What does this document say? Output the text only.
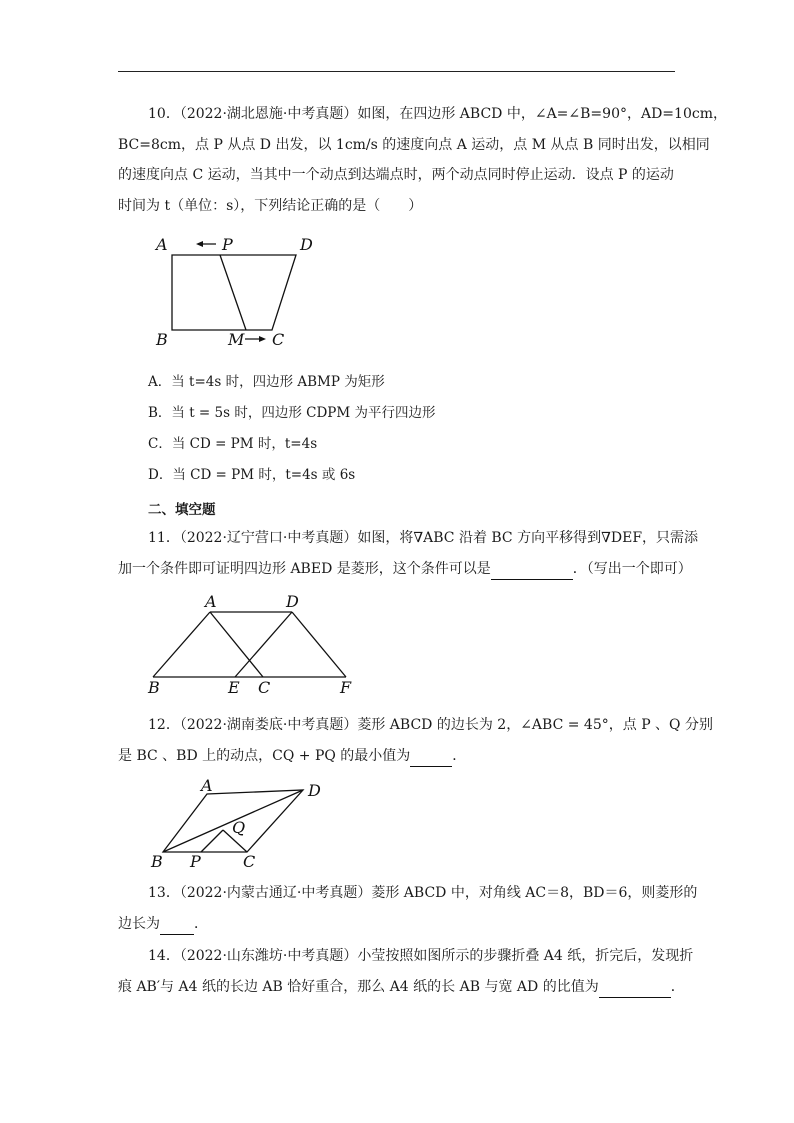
10．（2022·湖北恩施·中考真题）如图，在四边形 ABCD 中，∠A=∠B=90°，AD=10cm，
BC=8cm，点 P 从点 D 出发，以 1cm/s 的速度向点 A 运动，点 M 从点 B 同时出发，以相同
的速度向点 C 运动，当其中一个动点到达端点时，两个动点同时停止运动．设点 P 的运动
时间为 t（单位：s），下列结论正确的是（　　）
A	P	D
B	M C
A．当 t=4s 时，四边形 ABMP 为矩形
B．当 t = 5s 时，四边形 CDPM 为平行四边形
C．当 CD = PM 时，t=4s
D．当 CD = PM 时，t=4s 或 6s
二、填空题
11．（2022·辽宁营口·中考真题）如图，将∇ABC 沿着 BC 方向平移得到∇DEF，只需添
加一个条件即可证明四边形 ABED 是菱形，这个条件可以是	．（写出一个即可）
A	D
B	E C	F
12．（2022·湖南娄底·中考真题）菱形 ABCD 的边长为 2，∠ABC = 45°，点 P 、Q 分别
是 BC 、BD 上的动点，CQ + PQ 的最小值为	．
A	D
Q
B P	C
13．（2022·内蒙古通辽·中考真题）菱形 ABCD 中，对角线 AC＝8，BD＝6，则菱形的
边长为 ．
14．（2022·山东潍坊·中考真题）小莹按照如图所示的步骤折叠 A4 纸，折完后，发现折
痕 AB′与 A4 纸的长边 AB 恰好重合，那么 A4 纸的长 AB 与宽 AD 的比值为	．
